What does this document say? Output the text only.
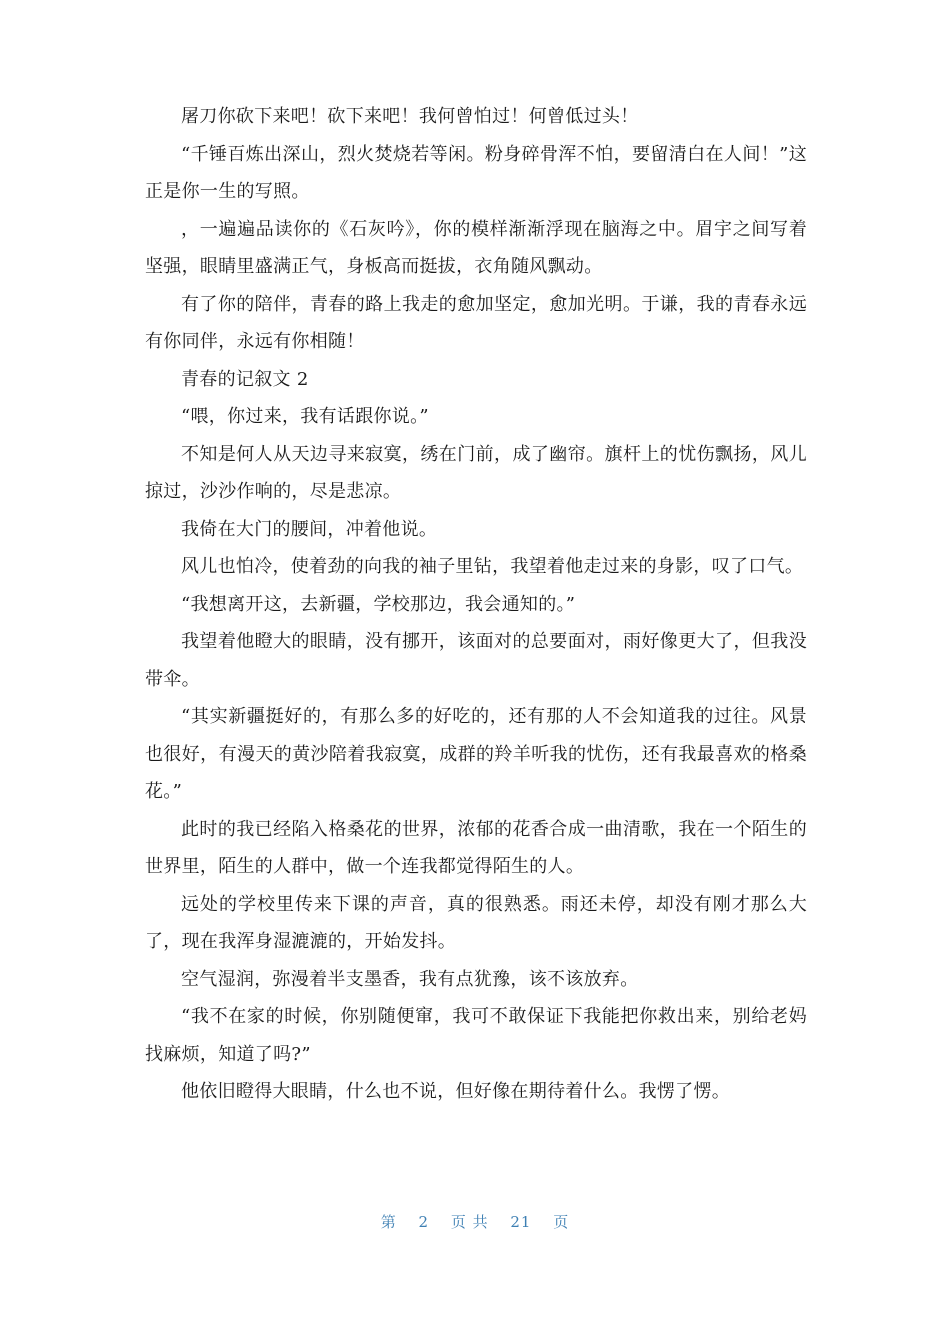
屠刀你砍下来吧！砍下来吧！我何曾怕过！何曾低过头！

“千锤百炼出深山，烈火焚烧若等闲。粉身碎骨浑不怕，要留清白在人间！”这正是你一生的写照。

，一遍遍品读你的《石灰吟》，你的模样渐渐浮现在脑海之中。眉宇之间写着坚强，眼睛里盛满正气，身板高而挺拔，衣角随风飘动。

有了你的陪伴，青春的路上我走的愈加坚定，愈加光明。于谦，我的青春永远有你同伴，永远有你相随！

青春的记叙文 2

“喂，你过来，我有话跟你说。”

不知是何人从天边寻来寂寞，绣在门前，成了幽帘。旗杆上的忧伤飘扬，风儿掠过，沙沙作响的，尽是悲凉。

我倚在大门的腰间，冲着他说。

风儿也怕冷，使着劲的向我的袖子里钻，我望着他走过来的身影，叹了口气。

“我想离开这，去新疆，学校那边，我会通知的。”

我望着他瞪大的眼睛，没有挪开，该面对的总要面对，雨好像更大了，但我没带伞。

“其实新疆挺好的，有那么多的好吃的，还有那的人不会知道我的过往。风景也很好，有漫天的黄沙陪着我寂寞，成群的羚羊听我的忧伤，还有我最喜欢的格桑花。”

此时的我已经陷入格桑花的世界，浓郁的花香合成一曲清歌，我在一个陌生的世界里，陌生的人群中，做一个连我都觉得陌生的人。

远处的学校里传来下课的声音，真的很熟悉。雨还未停，却没有刚才那么大了，现在我浑身湿漉漉的，开始发抖。

空气湿润，弥漫着半支墨香，我有点犹豫，该不该放弃。

“我不在家的时候，你别随便窜，我可不敢保证下我能把你救出来，别给老妈找麻烦，知道了吗?”

他依旧瞪得大眼睛，什么也不说，但好像在期待着什么。我愣了愣。

第 2 页 共 21 页
